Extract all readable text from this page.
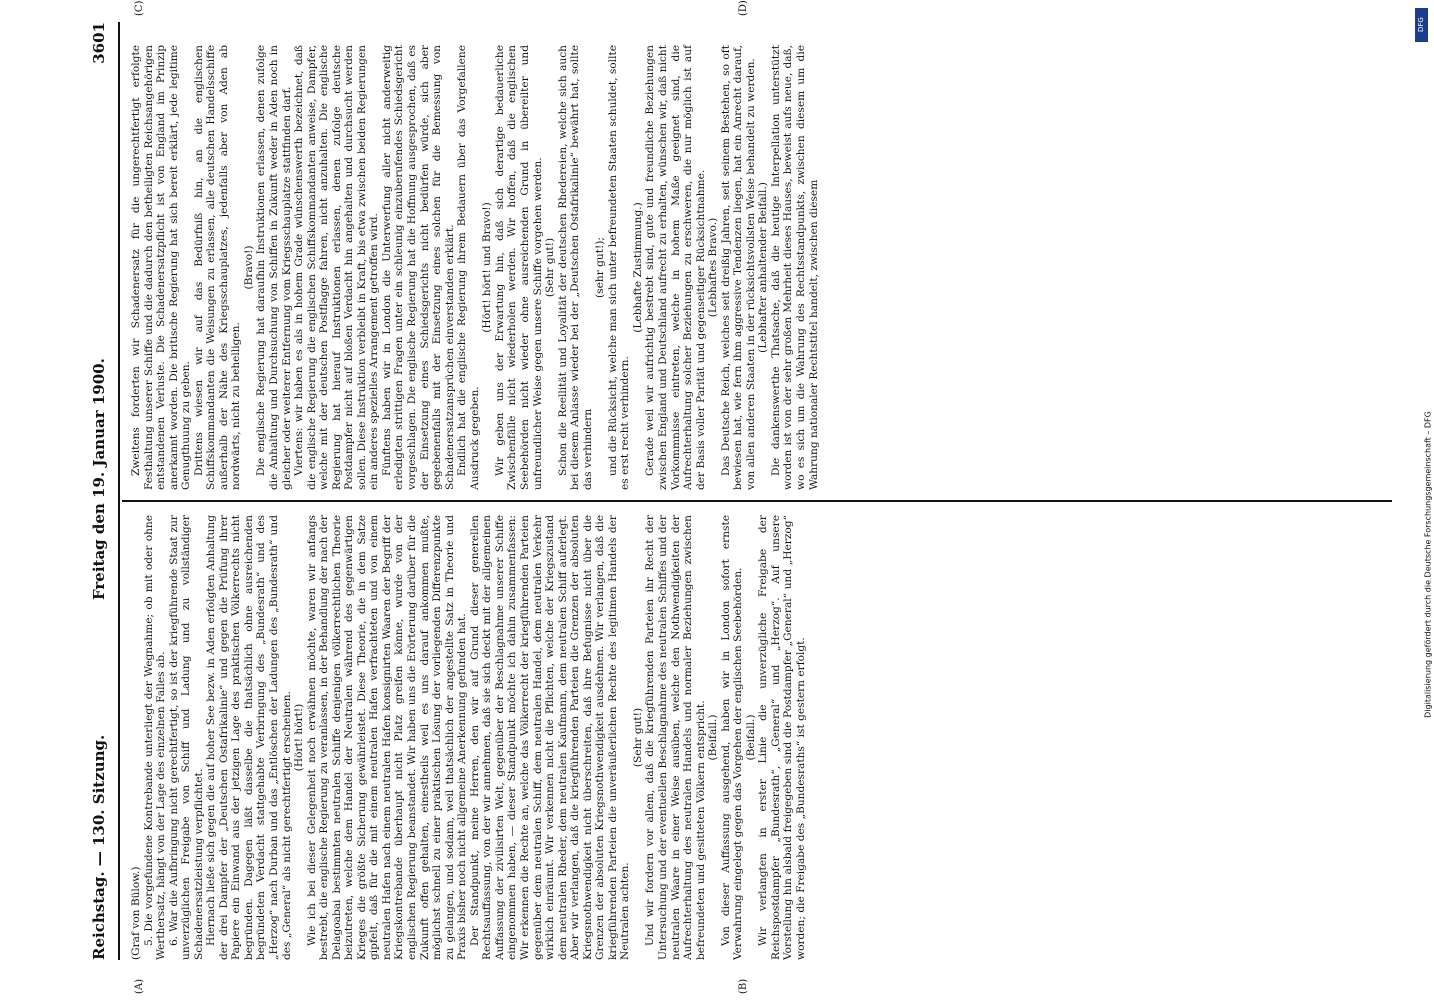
Reichstag. — 130. Sitzung.
Freitag den 19. Januar 1900.
3601
(A)	(B)
(C)	(D)

(Graf von Bülow.) 5. Die vorgefundene Kontrebande unterliegt der Wegnahme; ob mit oder ohne Werthersatz, hängt von der Lage des einzelnen Falles ab. 6. War die Aufbringung nicht gerechtfertigt, so ist der kriegführende Staat zur unverzüglichen Freigabe von Schiff und Ladung und zu vollständiger Schadenersatzleistung verpflichtet. Hiernach ließe sich gegen die auf hoher See bezw. in Aden erfolgten Anhaltung der drei Dampfer der „Deutschen Ostafrikalinie“ und gegen die Prüfung ihrer Papiere ein Einwand aus der jetzigen Lage des praktischen Völkerrechts nicht begründen. Dagegen läßt dasselbe die thatsächlich ohne ausreichenden begründeten Verdacht stattgehabte Verbringung des „Bundesrath“ und des „Herzog“ nach Durban und das „Entlöschen der Ladungen des „Bundesrath“ und des „General“ als nicht gerechtfertigt erscheinen. (Hört! hört!) Wie ich bei dieser Gelegenheit noch erwähnen möchte, waren wir anfangs bestrebt, die englische Regierung zu veranlassen, in der Behandlung der nach der Delagoabai bestimmten neutralen Schiffe denjenigen völkerrechtlichen Theorie beizutreten, welche dem Handel der Neutralen während des gegenwärtigen Krieges die größte Sicherung gewährleistet. Diese Theorie, die in dem Satze gipfelt, daß für die mit einem neutralen Hafen verfrachteten und von einem neutralen Hafen nach einem neutralen Hafen konsignirten Waaren der Begriff der Kriegskontrebande überhaupt nicht Platz greifen könne, wurde von der englischen Regierung beanstandet. Wir haben uns die Erörterung darüber für die Zukunft offen gehalten, einestheils weil es uns darauf ankommen mußte, möglichst schnell zu einer praktischen Lösung der vorliegenden Differenzpunkte zu gelangen, und sodann, weil thatsächlich der angestellte Satz in Theorie und Praxis bisher noch nicht allgemeine Anerkennung gefunden hat. Der Standpunkt, meine Herren, den wir auf Grund dieser generellen Rechtsauffassung, von der wir annehmen, daß sie sich deckt mit der allgemeinen Auffassung der zivilisirten Welt, gegenüber der Beschlagnahme unserer Schiffe eingenommen haben, — dieser Standpunkt möchte ich dahin zusammenfassen: Wir erkennen die Rechte an, welche das Völkerrecht der kriegführenden Parteien gegenüber dem neutralen Schiff, dem neutralen Handel, dem neutralen Verkehr wirklich einräumt. Wir verkennen nicht die Pflichten, welche der Kriegszustand dem neutralen Rheder, dem neutralen Kaufmann, dem neutralen Schiff auferlegt. Aber wir verlangen, daß die kriegführenden Parteien die Grenzen der absoluten Kriegsnothwendigkeit nicht überschreiten, daß ihre Befugnisse nicht über die Grenzen der absoluten Kriegsnothwendigkeit ausdehnen. Wir verlangen, daß die kriegführenden Parteien die unveräußerlichen Rechte des legitimen Handels der Neutralen achten.

(Sehr gut!) Und wir fordern vor allem, daß die kriegführenden Parteien ihr Recht der Untersuchung und der eventuellen Beschlagnahme des neutralen Schiffes und der neutralen Waare in einer Weise ausüben, welche den Nothwendigkeiten der Aufrechterhaltung des neutralen Handels und normaler Beziehungen zwischen befreundeten und gesitteten Völkern entspricht. (Beifall.) Von dieser Auffassung ausgehend, haben wir in London sofort ernste Verwahrung eingelegt gegen das Vorgehen der englischen Seebehörden. (Beifall.) Wir verlangten in erster Linie die unverzügliche Freigabe der Reichspostdampfer „Bundesrath“, „General“ und „Herzog“. Auf unsere Vorstellung hin alsbald freigegeben sind die Postdampfer „General“ und „Herzog“ worden; die Freigabe des „Bundesraths“ ist gestern erfolgt.

Zweitens forderten wir Schadenersatz für die ungerechtfertigt erfolgte Festhaltung unserer Schiffe und die dadurch den betheiligten Reichsangehörigen entstandenen Verluste. Die Schadenersatzpflicht ist von England im Prinzip anerkannt worden. Die britische Regierung hat sich bereit erklärt, jede legitime Genugthuung zu geben. Drittens wiesen wir auf das Bedürfniß hin, an die englischen Schiffskommandanten die Weisungen zu erlassen, alle deutschen Handelsschiffe außerhalb der Nähe des Kriegsschauplatzes, jedenfalls aber von Aden ab nordwärts, nicht zu behelligen.

(Bravo!) Die englische Regierung hat daraufhin Instruktionen erlassen, denen zufolge die Anhaltung und Durchsuchung von Schiffen in Zukunft weder in Aden noch in gleicher oder weiterer Entfernung vom Kriegsschauplatze stattfinden darf. Viertens: wir haben es als in hohem Grade wünschenswerth bezeichnet, daß die englische Regierung die englischen Schiffskommandanten anweise, Dampfer, welche mit der deutschen Postflagge fahren, nicht anzuhalten. Die englische Regierung hat hierauf Instruktionen erlassen, denen zufolge deutsche Postdampfer nicht auf bloßen Verdacht hin angehalten und durchsucht werden sollen. Diese Instruktion verbleibt in Kraft, bis etwa zwischen beiden Regierungen ein anderes spezielles Arrangement getroffen wird. Fünftens haben wir in London die Unterwerfung aller nicht anderweitig erledigten strittigen Fragen unter ein schleunig einzuberufendes Schiedsgericht vorgeschlagen. Die englische Regierung hat die Hoffnung ausgesprochen, daß es der Einsetzung eines Schiedsgerichts nicht bedürfen würde, sich aber gegebenenfalls mit der Einsetzung eines solchen für die Bemessung von Schadenersatzansprüchen einverstanden erklärt. Endlich hat die englische Regierung ihrem Bedauern über das Vorgefallene Ausdruck gegeben.

(Hört! hört! und Bravo!) Wir geben uns der Erwartung hin, daß sich derartige bedauerliche Zwischenfälle nicht wiederholen werden. Wir hoffen, daß die englischen Seebehörden nicht wieder ohne ausreichenden Grund in übereilter und unfreundlicher Weise gegen unsere Schiffe vorgehen werden. (Sehr gut!) Schon die Reellität und Loyalität der deutschen Rhedereien, welche sich auch bei diesem Anlasse wieder bei der „Deutschen Ostafrikalinie“ bewährt hat, sollte das verhindern

(sehr gut!); und die Rücksicht, welche man sich unter befreundeten Staaten schuldet, sollte es erst recht verhindern.

(Lebhafte Zustimmung.) Gerade weil wir aufrichtig bestrebt sind, gute und freundliche Beziehungen zwischen England und Deutschland aufrecht zu erhalten, wünschen wir, daß nicht Vorkommnisse eintreten, welche in hohem Maße geeignet sind, die Aufrechterhaltung solcher Beziehungen zu erschweren, die nur möglich ist auf der Basis voller Parität und gegenseitiger Rücksichtnahme. (Lebhaftes Bravo.) Das Deutsche Reich, welches seit dreißig Jahren, seit seinem Bestehen, so oft bewiesen hat, wie fern ihm aggressive Tendenzen liegen, hat ein Anrecht darauf, von allen anderen Staaten in der rücksichtsvollsten Weise behandelt zu werden. (Lebhafter anhaltender Beifall.) Die dankenswerthe Thatsache, daß die heutige Interpellation unterstützt worden ist von der sehr großen Mehrheit dieses Hauses, beweist aufs neue, daß, wo es sich um die Wahrung des Rechtsstandpunkts, zwischen diesem um die Wahrung nationaler Rechtstitel handelt, zwischen diesem

DFG
Digitalisierung gefördert durch die Deutsche Forschungsgemeinschaft – DFG
